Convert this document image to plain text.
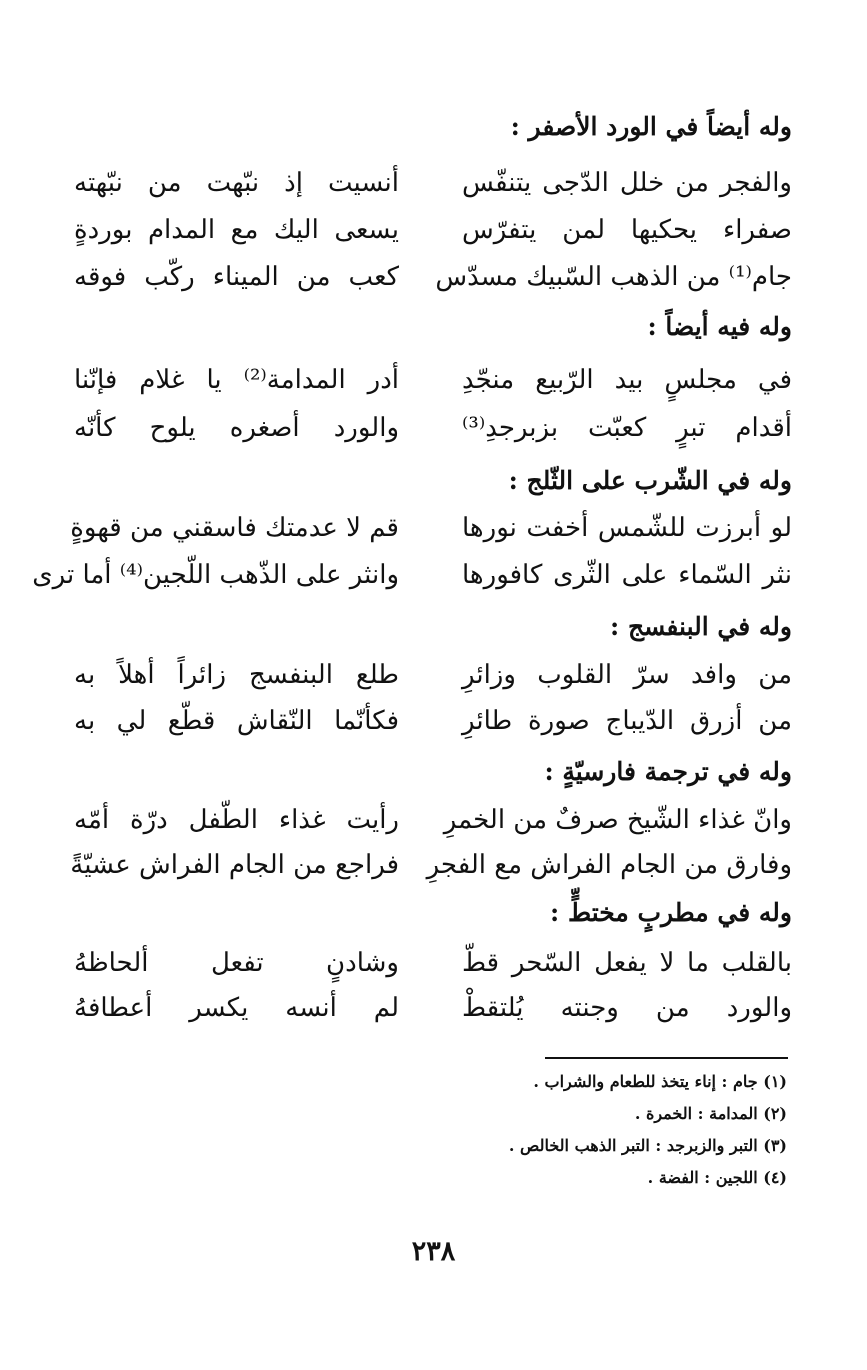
وله أيضاً في الورد الأصفر :
أنسيت إذ نبّهت من نبّهته والفجر من خلل الدّجى يتنفّس
يسعى اليك مع المدام بوردةٍ صفراء يحكيها لمن يتفرّس
كعب من الميناء ركّب فوقه جام⁽¹⁾ من الذهب السّبيك مسدّس
وله فيه أيضاً :
أدر المدامة⁽²⁾ يا غلام فإنّنا في مجلسٍ بيد الرّبيع منجّدِ
والورد أصغره يلوح كأنّه أقدام تبرٍ كعبّت بزبرجدِ⁽³⁾
وله في الشّرب على الثّلج :
قم لا عدمتك فاسقني من قهوةٍ لو أبرزت للشّمس أخفت نورها
وانثر على الذّهب اللّجين⁽⁴⁾ أما ترى نثر السّماء على الثّرى كافورها
وله في البنفسج :
طلع البنفسج زائراً أهلاً به من وافد سرّ القلوب وزائرِ
فكأنّما النّقاش قطّع لي به من أزرق الدّيباج صورة طائرِ
وله في ترجمة فارسيّةٍ :
رأيت غذاء الطّفل درّة أمّه وانّ غذاء الشّيخ صرفٌ من الخمرِ
فراجع من الجام الفراش عشيّةً وفارق من الجام الفراش مع الفجرِ
وله في مطربٍ مختطٍّ :
وشادنٍ تفعل ألحاظهُ بالقلب ما لا يفعل السّحر قطّ
لم أنسه يكسر أعطافهُ والورد من وجنته يُلتقطْ
(١) جام : إناء يتخذ للطعام والشراب .
(٢) المدامة : الخمرة .
(٣) التبر والزبرجد : التبر الذهب الخالص .
(٤) اللجين : الفضة .
٢٣٨
